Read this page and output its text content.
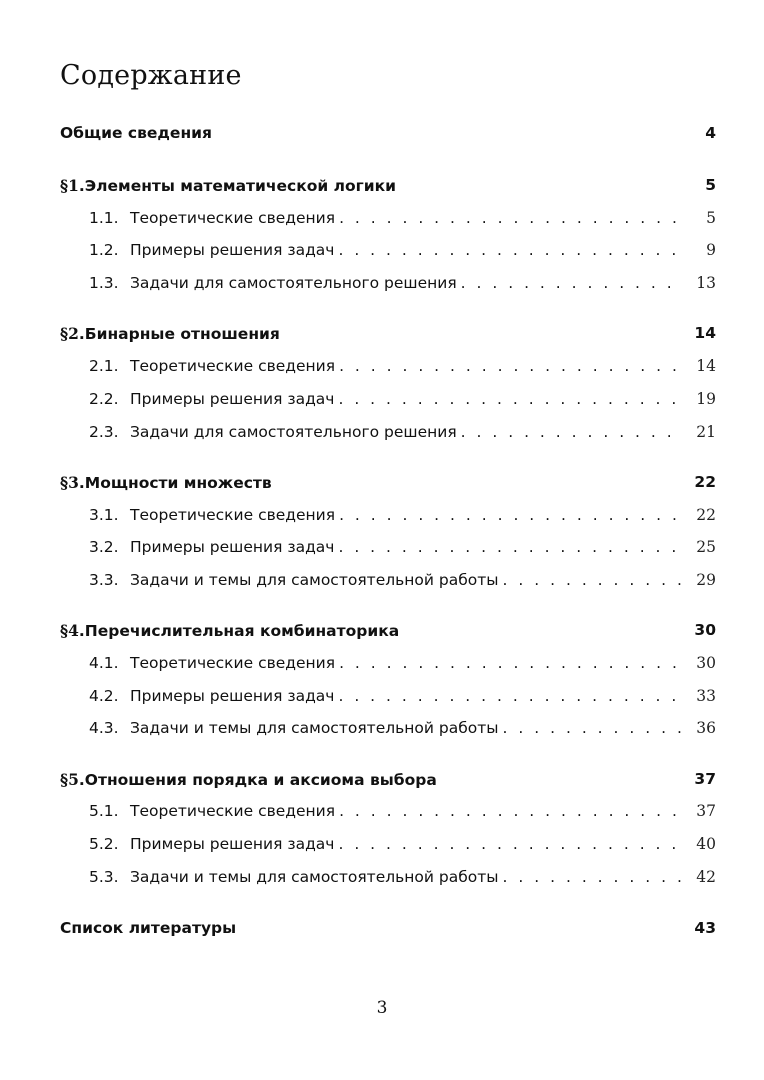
Содержание
Общие сведения	4
§1.Элементы математической логики	5
1.1. Теоретические сведения . . .	5
1.2. Примеры решения задач . . .	9
1.3. Задачи для самостоятельного решения . . .	13
§2.Бинарные отношения	14
2.1. Теоретические сведения . . .	14
2.2. Примеры решения задач . . .	19
2.3. Задачи для самостоятельного решения . . .	21
§3.Мощности множеств	22
3.1. Теоретические сведения . . .	22
3.2. Примеры решения задач . . .	25
3.3. Задачи и темы для самостоятельной работы . . .	29
§4.Перечислительная комбинаторика	30
4.1. Теоретические сведения . . .	30
4.2. Примеры решения задач . . .	33
4.3. Задачи и темы для самостоятельной работы . . .	36
§5.Отношения порядка и аксиома выбора	37
5.1. Теоретические сведения . . .	37
5.2. Примеры решения задач . . .	40
5.3. Задачи и темы для самостоятельной работы . . .	42
Список литературы	43
3
